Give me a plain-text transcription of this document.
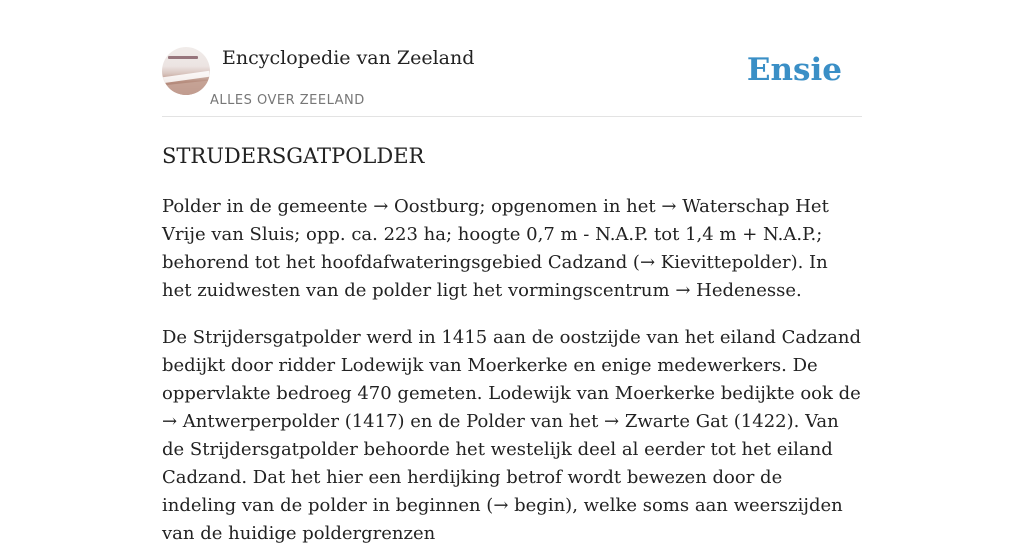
Encyclopedie van Zeeland
ALLES OVER ZEELAND
Ensie
STRUDERSGATPOLDER

Polder in de gemeente → Oostburg; opgenomen in het → Waterschap Het Vrije van Sluis; opp. ca. 223 ha; hoogte 0,7 m - N.A.P. tot 1,4 m + N.A.P.; behorend tot het hoofdafwateringsgebied Cadzand (→ Kievittepolder). In het zuidwesten van de polder ligt het vormingscentrum → Hedenesse.

De Strijdersgatpolder werd in 1415 aan de oostzijde van het eiland Cadzand bedijkt door ridder Lodewijk van Moerkerke en enige medewerkers. De oppervlakte bedroeg 470 gemeten. Lodewijk van Moerkerke bedijkte ook de → Antwerperpolder (1417) en de Polder van het → Zwarte Gat (1422). Van de Strijdersgatpolder behoorde het westelijk deel al eerder tot het eiland Cadzand. Dat het hier een herdijking betrof wordt bewezen door de indeling van de polder in beginnen (→ begin), welke soms aan weerszijden van de huidige poldergrenzen
